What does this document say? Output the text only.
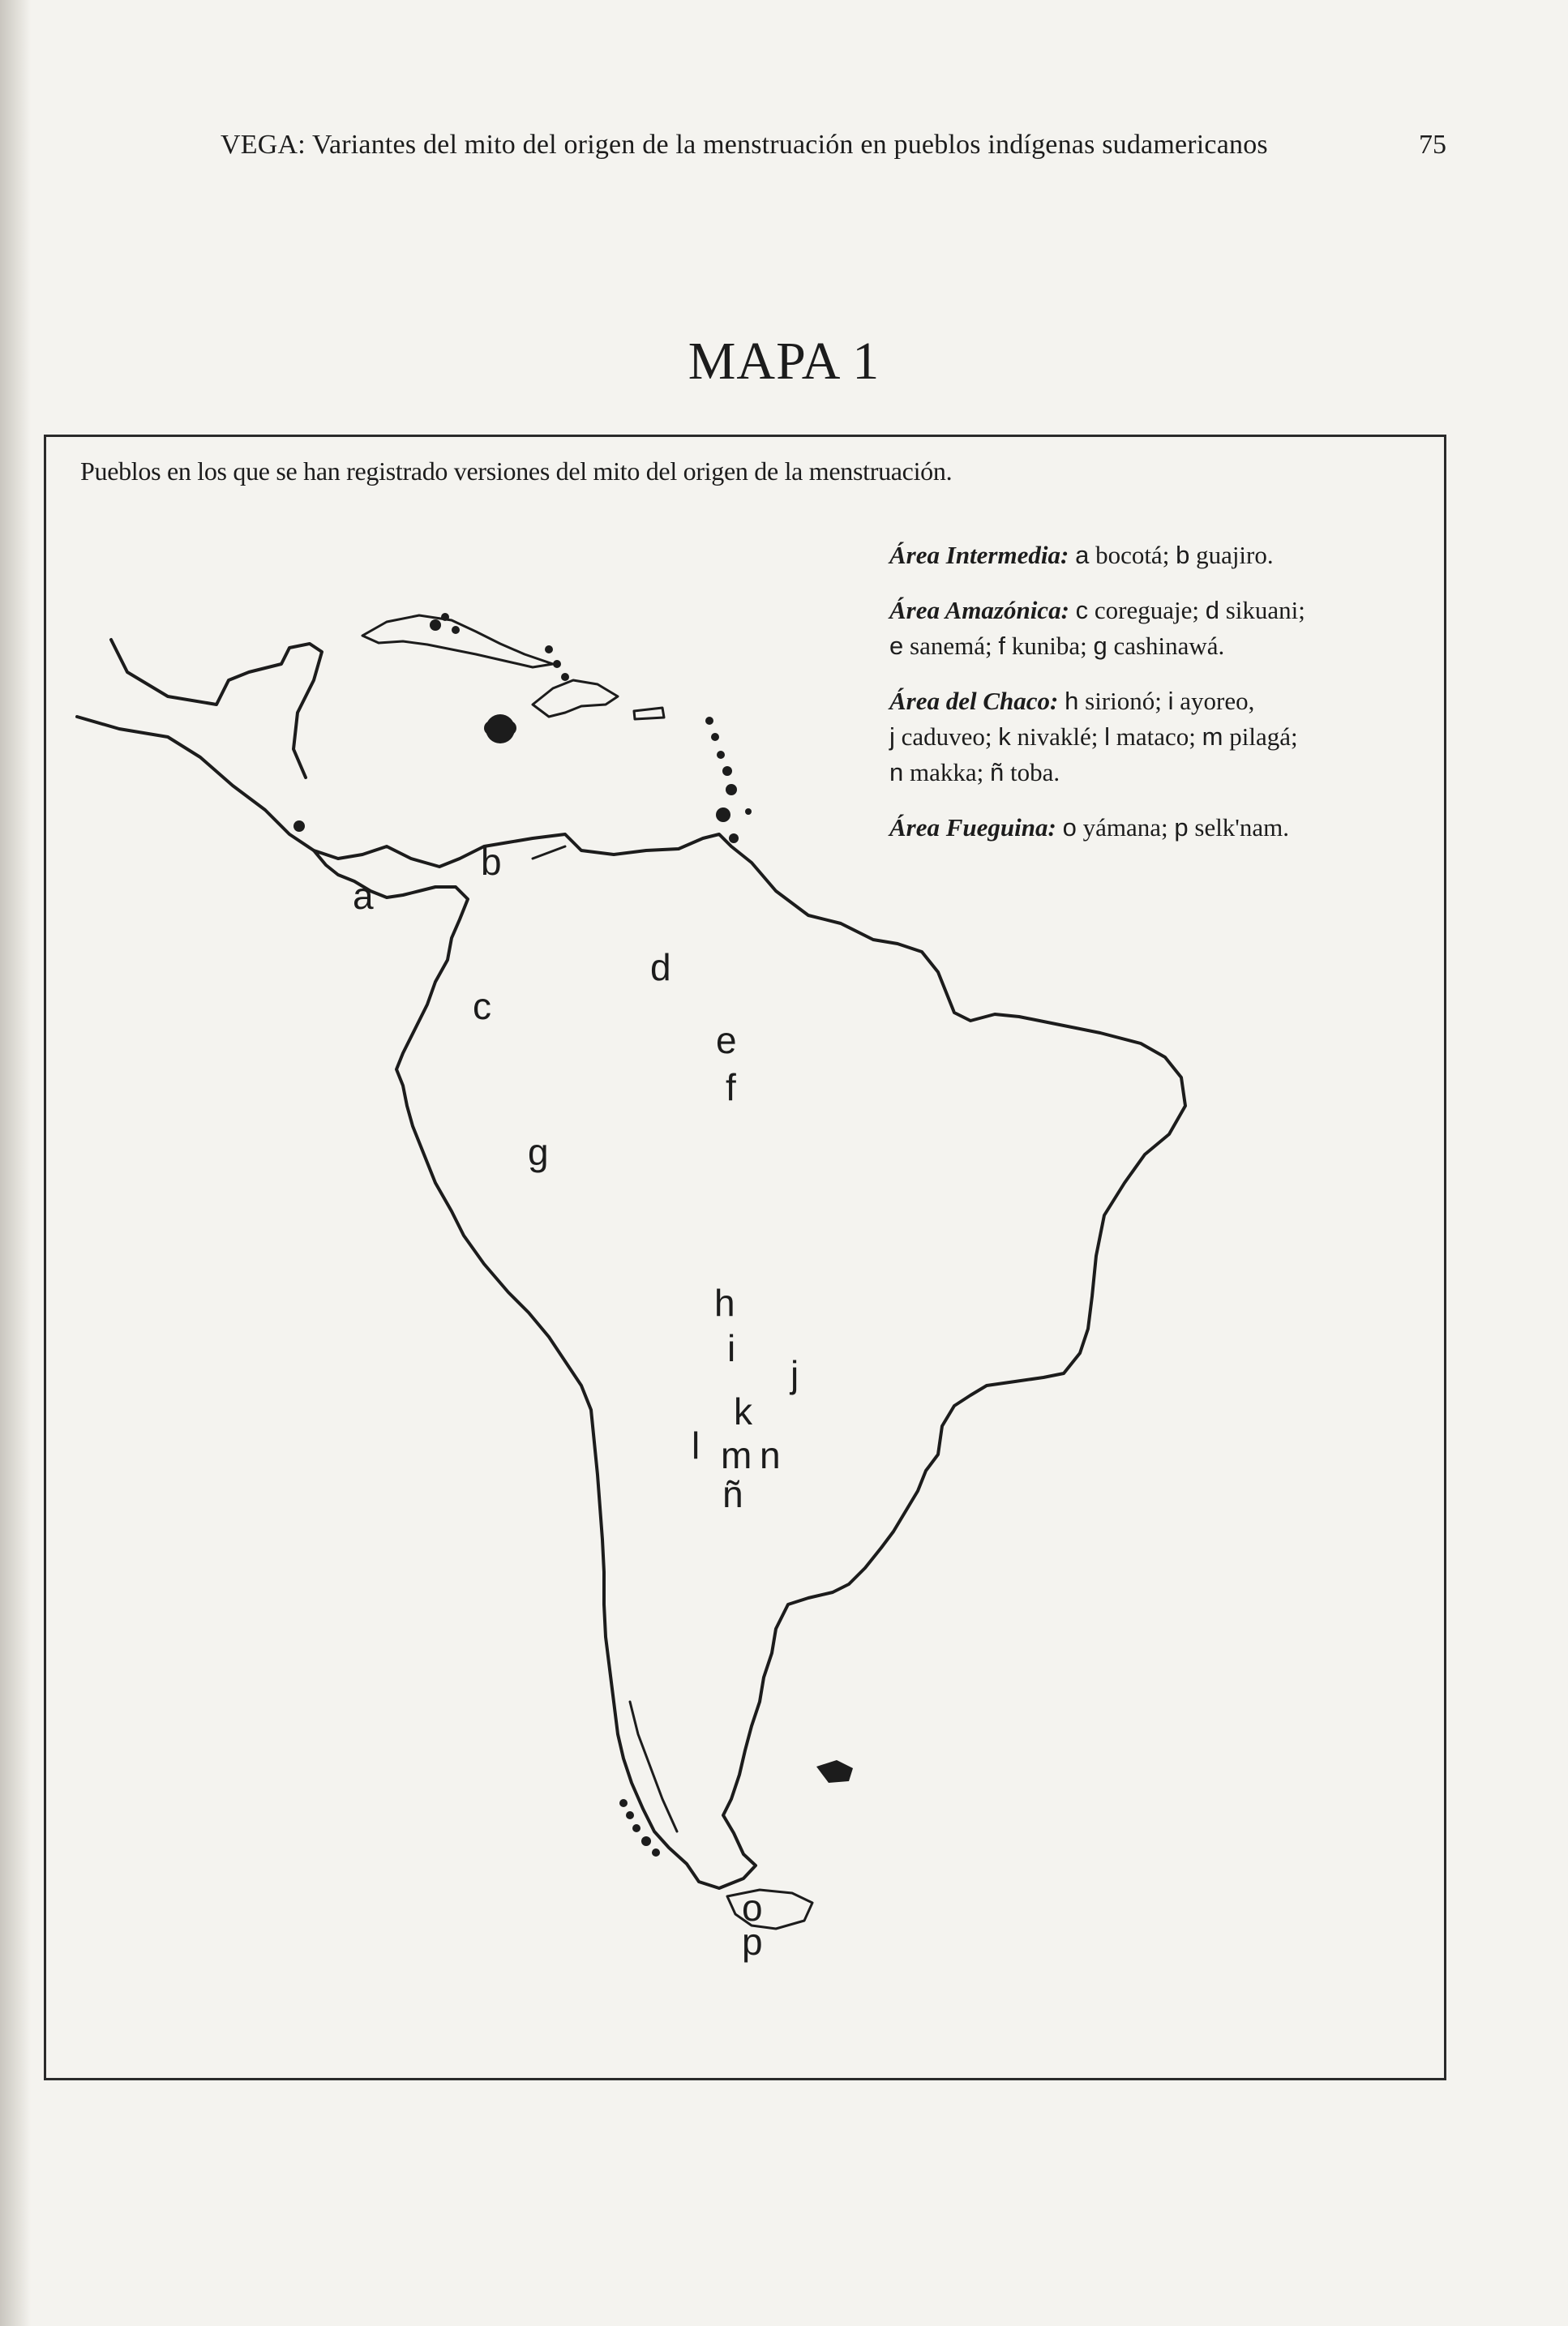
VEGA: Variantes del mito del origen de la menstruación en pueblos indígenas sudamericanos	75
MAPA 1
Pueblos en los que se han registrado versiones del mito del origen de la menstruación.
a
b
c
d
e
f
g
h
i
j
k
l m n
ñ
o
p
Área Intermedia: a bocotá; b guajiro.
Área Amazónica: c coreguaje; d sikuani;
e sanemá; f kuniba; g cashinawá.
Área del Chaco: h sirionó; i ayoreo,
j caduveo; k nivaklé; l mataco; m pilagá;
n makka; ñ toba.
Área Fueguina: o yámana; p selk'nam.
